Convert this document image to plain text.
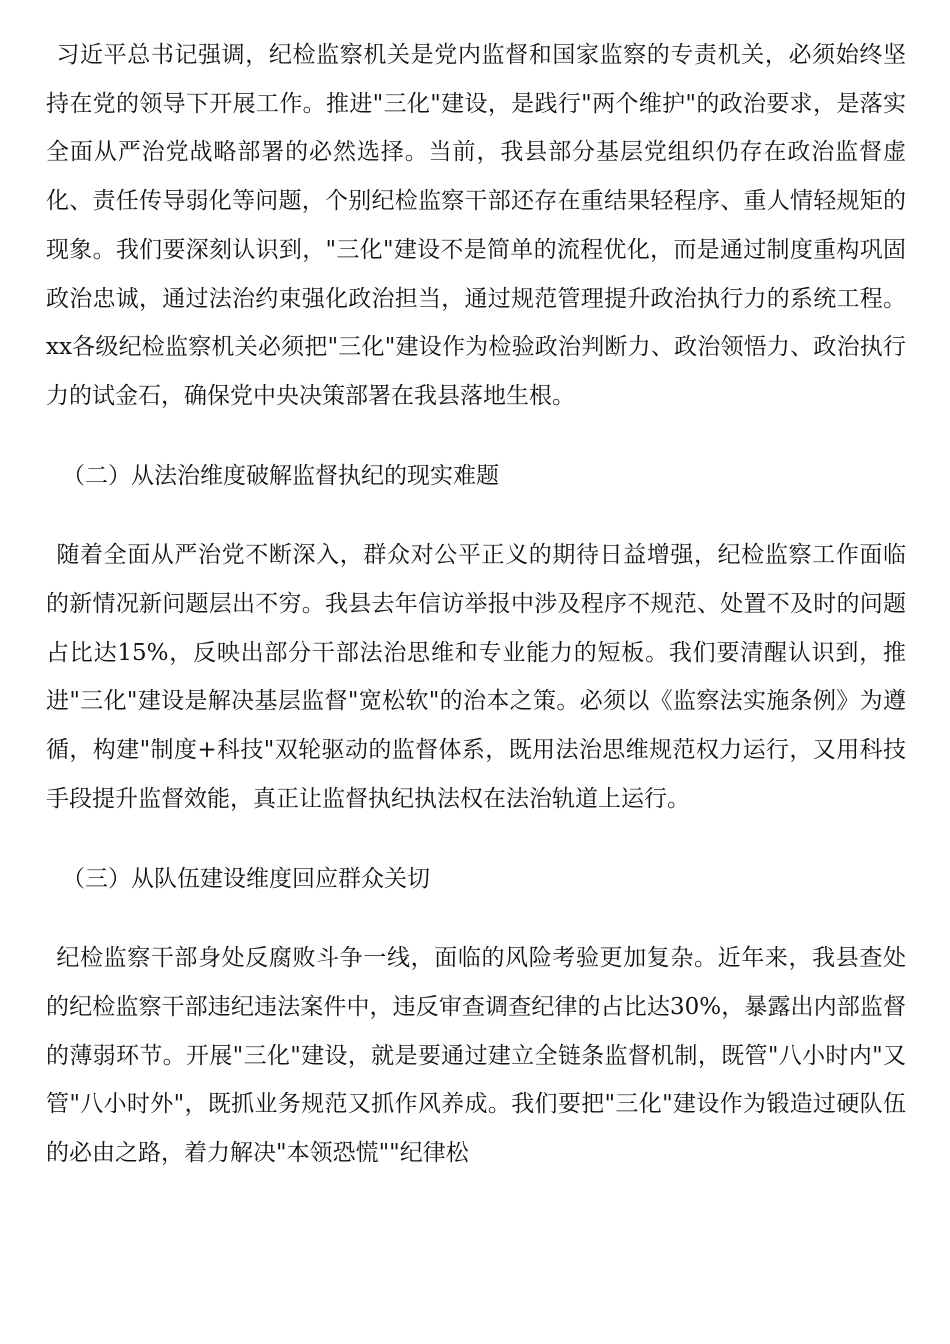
习近平总书记强调，纪检监察机关是党内监督和国家监察的专责机关，必须始终坚持在党的领导下开展工作。推进"三化"建设，是践行"两个维护"的政治要求，是落实全面从严治党战略部署的必然选择。当前，我县部分基层党组织仍存在政治监督虚化、责任传导弱化等问题，个别纪检监察干部还存在重结果轻程序、重人情轻规矩的现象。我们要深刻认识到，"三化"建设不是简单的流程优化，而是通过制度重构巩固政治忠诚，通过法治约束强化政治担当，通过规范管理提升政治执行力的系统工程。xx各级纪检监察机关必须把"三化"建设作为检验政治判断力、政治领悟力、政治执行力的试金石，确保党中央决策部署在我县落地生根。

（二）从法治维度破解监督执纪的现实难题

随着全面从严治党不断深入，群众对公平正义的期待日益增强，纪检监察工作面临的新情况新问题层出不穷。我县去年信访举报中涉及程序不规范、处置不及时的问题占比达15%，反映出部分干部法治思维和专业能力的短板。我们要清醒认识到，推进"三化"建设是解决基层监督"宽松软"的治本之策。必须以《监察法实施条例》为遵循，构建"制度+科技"双轮驱动的监督体系，既用法治思维规范权力运行，又用科技手段提升监督效能，真正让监督执纪执法权在法治轨道上运行。

（三）从队伍建设维度回应群众关切

纪检监察干部身处反腐败斗争一线，面临的风险考验更加复杂。近年来，我县查处的纪检监察干部违纪违法案件中，违反审查调查纪律的占比达30%，暴露出内部监督的薄弱环节。开展"三化"建设，就是要通过建立全链条监督机制，既管"八小时内"又管"八小时外"，既抓业务规范又抓作风养成。我们要把"三化"建设作为锻造过硬队伍的必由之路，着力解决"本领恐慌""纪律松
